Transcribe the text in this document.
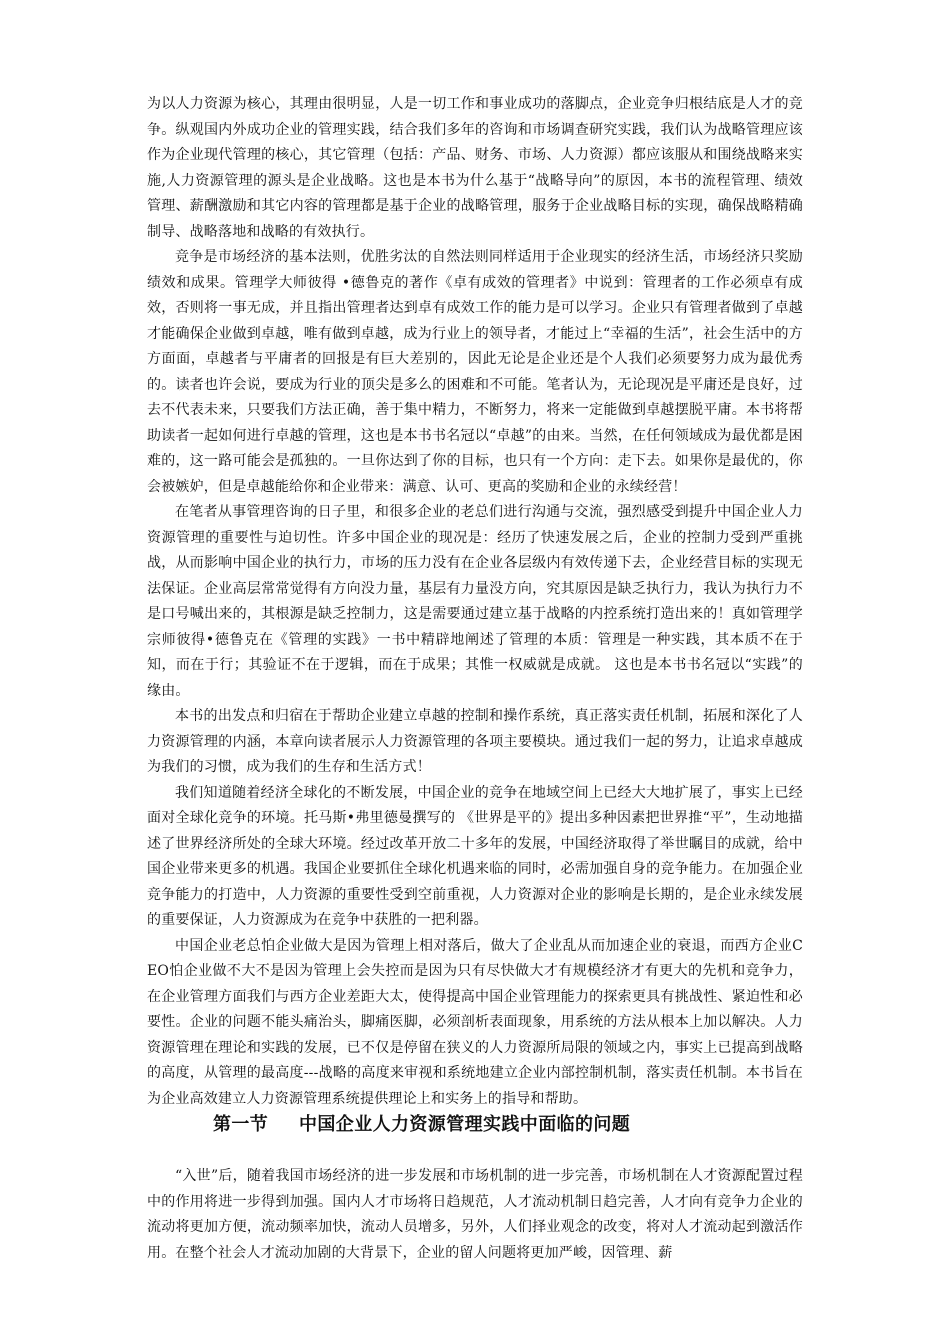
为以人力资源为核心，其理由很明显，人是一切工作和事业成功的落脚点，企业竞争归根结底是人才的竞争。纵观国内外成功企业的管理实践，结合我们多年的咨询和市场调查研究实践，我们认为战略管理应该作为企业现代管理的核心，其它管理（包括：产品、财务、市场、人力资源）都应该服从和围绕战略来实施,人力资源管理的源头是企业战略。这也是本书为什么基于“战略导向”的原因，本书的流程管理、绩效管理、薪酬激励和其它内容的管理都是基于企业的战略管理，服务于企业战略目标的实现，确保战略精确制导、战略落地和战略的有效执行。

竞争是市场经济的基本法则，优胜劣汰的自然法则同样适用于企业现实的经济生活，市场经济只奖励绩效和成果。管理学大师彼得 •德鲁克的著作《卓有成效的管理者》中说到：管理者的工作必须卓有成效，否则将一事无成，并且指出管理者达到卓有成效工作的能力是可以学习。企业只有管理者做到了卓越才能确保企业做到卓越，唯有做到卓越，成为行业上的领导者，才能过上“幸福的生活”，社会生活中的方方面面，卓越者与平庸者的回报是有巨大差别的，因此无论是企业还是个人我们必须要努力成为最优秀的。读者也许会说，要成为行业的顶尖是多么的困难和不可能。笔者认为，无论现况是平庸还是良好，过去不代表未来，只要我们方法正确，善于集中精力，不断努力，将来一定能做到卓越摆脱平庸。本书将帮助读者一起如何进行卓越的管理，这也是本书书名冠以“卓越”的由来。当然，在任何领域成为最优都是困难的，这一路可能会是孤独的。一旦你达到了你的目标，也只有一个方向：走下去。如果你是最优的，你会被嫉妒，但是卓越能给你和企业带来：满意、认可、更高的奖励和企业的永续经营！

在笔者从事管理咨询的日子里，和很多企业的老总们进行沟通与交流，强烈感受到提升中国企业人力资源管理的重要性与迫切性。许多中国企业的现况是：经历了快速发展之后，企业的控制力受到严重挑战，从而影响中国企业的执行力，市场的压力没有在企业各层级内有效传递下去，企业经营目标的实现无法保证。企业高层常常觉得有方向没力量，基层有力量没方向，究其原因是缺乏执行力，我认为执行力不是口号喊出来的，其根源是缺乏控制力，这是需要通过建立基于战略的内控系统打造出来的！真如管理学宗师彼得•德鲁克在《管理的实践》一书中精辟地阐述了管理的本质：管理是一种实践，其本质不在于知，而在于行；其验证不在于逻辑，而在于成果；其惟一权威就是成就。 这也是本书书名冠以“实践”的缘由。

本书的出发点和归宿在于帮助企业建立卓越的控制和操作系统，真正落实责任机制，拓展和深化了人力资源管理的内涵，本章向读者展示人力资源管理的各项主要模块。通过我们一起的努力，让追求卓越成为我们的习惯，成为我们的生存和生活方式！

我们知道随着经济全球化的不断发展，中国企业的竞争在地域空间上已经大大地扩展了，事实上已经面对全球化竞争的环境。托马斯•弗里德曼撰写的 《世界是平的》提出多种因素把世界推“平”，生动地描述了世界经济所处的全球大环境。经过改革开放二十多年的发展，中国经济取得了举世瞩目的成就，给中国企业带来更多的机遇。我国企业要抓住全球化机遇来临的同时，必需加强自身的竞争能力。在加强企业竞争能力的打造中，人力资源的重要性受到空前重视，人力资源对企业的影响是长期的，是企业永续发展的重要保证，人力资源成为在竞争中获胜的一把利器。

中国企业老总怕企业做大是因为管理上相对落后，做大了企业乱从而加速企业的衰退，而西方企业CEO怕企业做不大不是因为管理上会失控而是因为只有尽快做大才有规模经济才有更大的先机和竞争力，在企业管理方面我们与西方企业差距大太，使得提高中国企业管理能力的探索更具有挑战性、紧迫性和必要性。企业的问题不能头痛治头，脚痛医脚，必须剖析表面现象，用系统的方法从根本上加以解决。人力资源管理在理论和实践的发展，已不仅是停留在狭义的人力资源所局限的领域之内，事实上已提高到战略的高度，从管理的最高度---战略的高度来审视和系统地建立企业内部控制机制，落实责任机制。本书旨在为企业高效建立人力资源管理系统提供理论上和实务上的指导和帮助。

第一节 中国企业人力资源管理实践中面临的问题

“入世”后，随着我国市场经济的进一步发展和市场机制的进一步完善，市场机制在人才资源配置过程中的作用将进一步得到加强。国内人才市场将日趋规范，人才流动机制日趋完善，人才向有竞争力企业的流动将更加方便，流动频率加快，流动人员增多，另外，人们择业观念的改变，将对人才流动起到激活作用。在整个社会人才流动加剧的大背景下，企业的留人问题将更加严峻，因管理、薪
